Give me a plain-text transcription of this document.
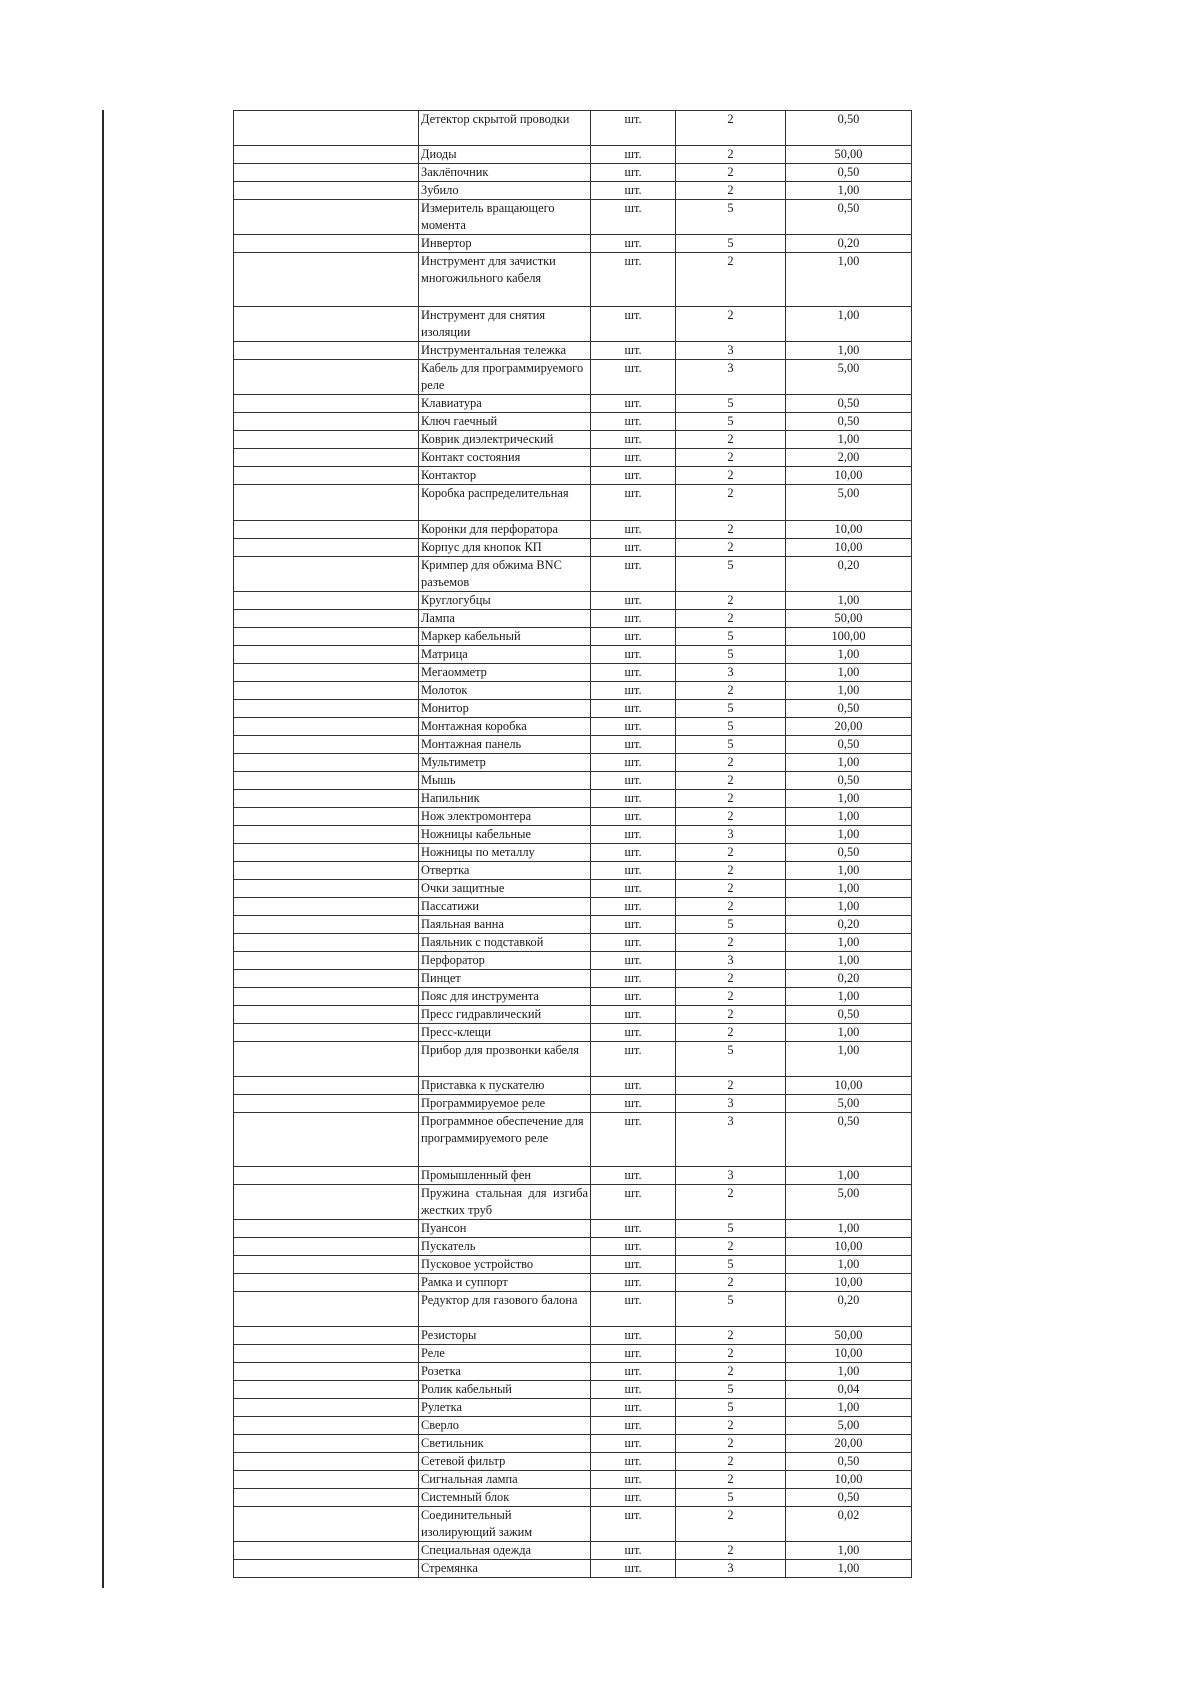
	Детектор скрытой проводки	шт.	2	0,50
	Диоды	шт.	2	50,00
	Заклёпочник	шт.	2	0,50
	Зубило	шт.	2	1,00
	Измеритель вращающего момента	шт.	5	0,50
	Инвертор	шт.	5	0,20
	Инструмент для зачистки многожильного кабеля	шт.	2	1,00
	Инструмент для снятия изоляции	шт.	2	1,00
	Инструментальная тележка	шт.	3	1,00
	Кабель для программируемого реле	шт.	3	5,00
	Клавиатура	шт.	5	0,50
	Ключ гаечный	шт.	5	0,50
	Коврик диэлектрический	шт.	2	1,00
	Контакт состояния	шт.	2	2,00
	Контактор	шт.	2	10,00
	Коробка распределительная	шт.	2	5,00
	Коронки для перфоратора	шт.	2	10,00
	Корпус для кнопок КП	шт.	2	10,00
	Кримпер для обжима BNC разъемов	шт.	5	0,20
	Круглогубцы	шт.	2	1,00
	Лампа	шт.	2	50,00
	Маркер кабельный	шт.	5	100,00
	Матрица	шт.	5	1,00
	Мегаомметр	шт.	3	1,00
	Молоток	шт.	2	1,00
	Монитор	шт.	5	0,50
	Монтажная коробка	шт.	5	20,00
	Монтажная панель	шт.	5	0,50
	Мультиметр	шт.	2	1,00
	Мышь	шт.	2	0,50
	Напильник	шт.	2	1,00
	Нож электромонтера	шт.	2	1,00
	Ножницы кабельные	шт.	3	1,00
	Ножницы по металлу	шт.	2	0,50
	Отвертка	шт.	2	1,00
	Очки защитные	шт.	2	1,00
	Пассатижи	шт.	2	1,00
	Паяльная ванна	шт.	5	0,20
	Паяльник с подставкой	шт.	2	1,00
	Перфоратор	шт.	3	1,00
	Пинцет	шт.	2	0,20
	Пояс для инструмента	шт.	2	1,00
	Пресс гидравлический	шт.	2	0,50
	Пресс-клещи	шт.	2	1,00
	Прибор для прозвонки кабеля	шт.	5	1,00
	Приставка к пускателю	шт.	2	10,00
	Программируемое реле	шт.	3	5,00
	Программное обеспечение для программируемого реле	шт.	3	0,50
	Промышленный фен	шт.	3	1,00
	Пружина стальная для изгиба жестких труб	шт.	2	5,00
	Пуансон	шт.	5	1,00
	Пускатель	шт.	2	10,00
	Пусковое устройство	шт.	5	1,00
	Рамка и суппорт	шт.	2	10,00
	Редуктор для газового балона	шт.	5	0,20
	Резисторы	шт.	2	50,00
	Реле	шт.	2	10,00
	Розетка	шт.	2	1,00
	Ролик кабельный	шт.	5	0,04
	Рулетка	шт.	5	1,00
	Сверло	шт.	2	5,00
	Светильник	шт.	2	20,00
	Сетевой фильтр	шт.	2	0,50
	Сигнальная лампа	шт.	2	10,00
	Системный блок	шт.	5	0,50
	Соединительный изолирующий зажим	шт.	2	0,02
	Специальная одежда	шт.	2	1,00
	Стремянка	шт.	3	1,00
